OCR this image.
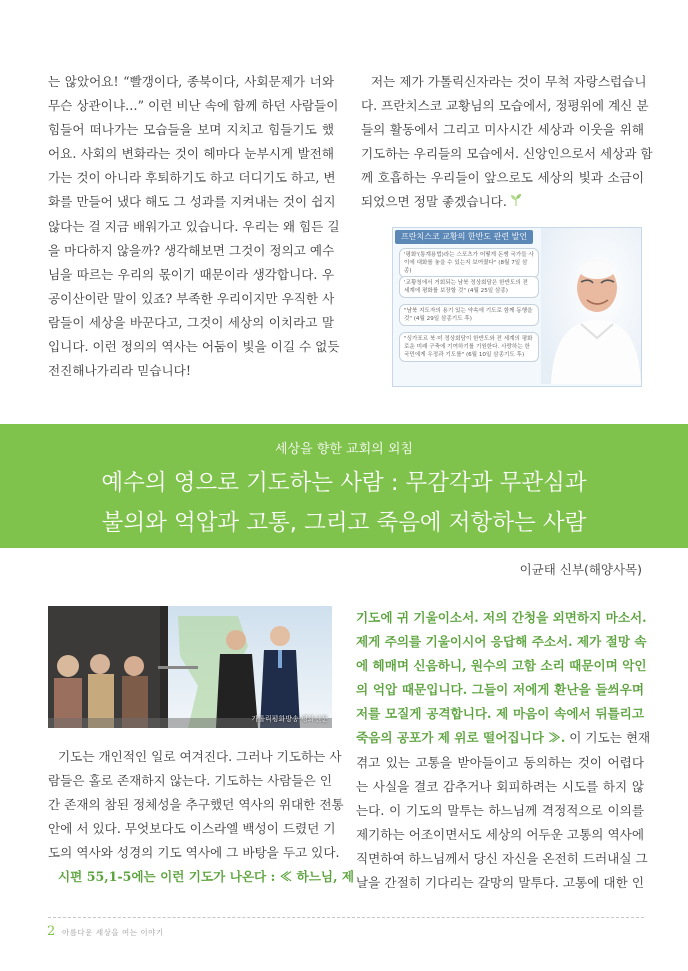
는 않았어요! “빨갱이다, 종북이다, 사회문제가 너와
무슨 상관이냐…” 이런 비난 속에 함께 하던 사람들이
힘들어 떠나가는 모습들을 보며 지치고 힘들기도 했
어요. 사회의 변화라는 것이 헤마다 눈부시게 발전해
가는 것이 아니라 후퇴하기도 하고 더디기도 하고, 변
화를 만들어 냈다 해도 그 성과를 지켜내는 것이 쉽지
않다는 걸 지금 배워가고 있습니다. 우리는 왜 힘든 길
을 마다하지 않을까? 생각해보면 그것이 정의고 예수
님을 따르는 우리의 몫이기 때문이라 생각합니다. 우
공이산이란 말이 있죠? 부족한 우리이지만 우직한 사
람들이 세상을 바꾼다고, 그것이 세상의 이치라고 말
입니다. 이런 정의의 역사는 어둠이 빛을 이길 수 없듯
전진해나가리라 믿습니다!

저는 제가 가톨릭신자라는 것이 무척 자랑스럽습니
다. 프란치스코 교황님의 모습에서, 정평위에 계신 분
들의 활동에서 그리고 미사시간 세상과 이웃을 위해
기도하는 우리들의 모습에서. 신앙인으로서 세상과 함
께 호흡하는 우리들이 앞으로도 세상의 빛과 소금이
되었으면 정말 좋겠습니다.

프란치스코 교황의 한반도 관련 발언
'평화'(통계용법)라는 스포츠가 어떻게 돈쌩 국가들 사이에 대화를 놓을 수 있는지 보여줬다" (8월 7일 삼종)
'교황청에서 거회되는 남북 정상회담은 한반도의 전 세계에 평화를 보장할 것" (4월 25일 삼종)
"남북 지도자의 용기 있는 약속에 기도로 함께 동행을 것" (4월 29일 삼종기도 후)
"싱가포르 북·미 정상회담이 한반도와 전 세계의 평화로운 미래 구축에 기여하기를 기원한다. 사랑하는 한국민에게 우정과 기도를" (6월 10일 삼종기도 후)
세상을 향한 교회의 외침
예수의 영으로 기도하는 사람 : 무감각과 무관심과
불의와 억압과 고통, 그리고 죽음에 저항하는 사람
이균태 신부(해양사목)
가톨릭평화방송·평화신문

기도는 개인적인 일로 여겨진다. 그러나 기도하는 사
람들은 홀로 존재하지 않는다. 기도하는 사람들은 인
간 존재의 참된 정체성을 추구했던 역사의 위대한 전통
안에 서 있다. 무엇보다도 이스라엘 백성이 드렸던 기
도의 역사와 성경의 기도 역사에 그 바탕을 두고 있다.
시편 55,1-5에는 이런 기도가 나온다 : ≪ 하느님, 제

기도에 귀 기울이소서. 저의 간청을 외면하지 마소서.
제게 주의를 기울이시어 응답해 주소서. 제가 절망 속
에 헤매며 신음하니, 원수의 고함 소리 때문이며 악인
의 억압 때문입니다. 그들이 저에게 환난을 들씌우며
저를 모질게 공격합니다. 제 마음이 속에서 뒤틀리고
죽음의 공포가 제 위로 떨어집니다 ≫. 이 기도는 현재
겪고 있는 고통을 받아들이고 동의하는 것이 어렵다
는 사실을 결코 감추거나 회피하려는 시도를 하지 않
는다. 이 기도의 말투는 하느님께 격정적으로 이의를
제기하는 어조이면서도 세상의 어두운 고통의 역사에
직면하여 하느님께서 당신 자신을 온전히 드러내실 그
날을 간절히 기다리는 갈망의 말투다. 고통에 대한 인

2 아름다운 세상을 여는 이야기
